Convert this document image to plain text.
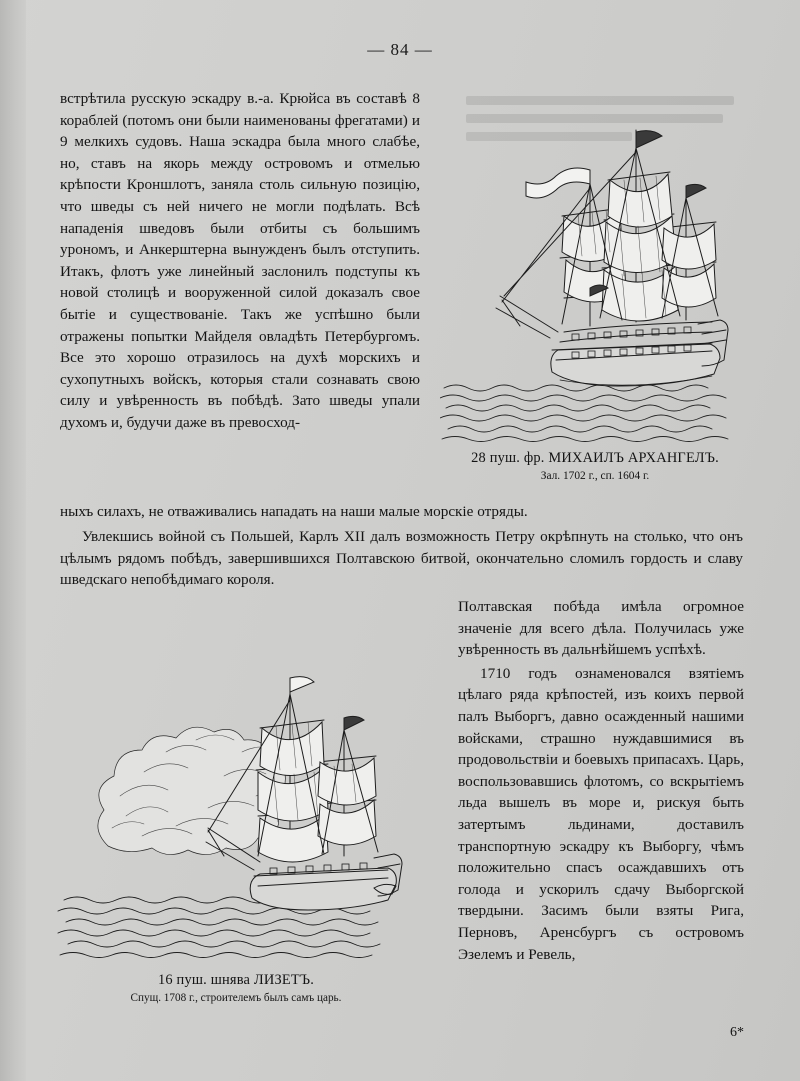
— 84 —
28 пуш. фр. МИХАИЛЪ АРХАНГЕЛЪ.
Зал. 1702 г., сп. 1604 г.

встрѣтила русскую эскадру в.-а. Крюйса въ составѣ 8 кораблей (потомъ они были наименованы фрегатами) и 9 мелкихъ судовъ. Наша эскадра была много слабѣе, но, ставъ на якорь между островомъ и отмелью крѣпости Кроншлотъ, заняла столь сильную позицію, что шведы съ ней ничего не могли подѣлать. Всѣ нападенія шведовъ были отбиты съ большимъ урономъ, и Анкерштерна вынужденъ былъ отступить. Итакъ, флотъ уже линейный заслонилъ подступы къ новой столицѣ и вооруженной силой доказалъ свое бытіе и существованіе. Такъ же успѣшно были отражены попытки Майделя овладѣть Петербургомъ. Все это хорошо отразилось на духѣ морскихъ и сухопутныхъ войскъ, которыя стали сознавать свою силу и увѣренность въ побѣдѣ. Зато шведы упали духомъ и, будучи даже въ превосход-

ныхъ силахъ, не отваживались нападать на наши малые морскіе отряды.

Увлекшись войной съ Польшей, Карлъ XII далъ возможность Петру окрѣпнуть на столько, что онъ цѣлымъ рядомъ побѣдъ, завершившихся Полтавскою битвой, окончательно сломилъ гордость и славу шведскаго непобѣдимаго короля.

Полтавская побѣда имѣла огромное значеніе для всего дѣла. Получилась уже увѣренность въ дальнѣйшемъ успѣхѣ.

1710 годъ ознаменовался взятіемъ цѣлаго ряда крѣпостей, изъ коихъ первой палъ Выборгъ, давно осажденный нашими войсками, страшно нуждавшимися въ продовольствіи и боевыхъ припасахъ. Царь, воспользовавшись флотомъ, со вскрытіемъ льда вышелъ въ море и, рискуя быть затертымъ льдинами, доставилъ транспортную эскадру къ Выборгу, чѣмъ положительно спасъ осаждавшихъ отъ голода и ускорилъ сдачу Выборгской твердыни. Засимъ были взяты Рига, Перновъ, Аренсбургъ съ островомъ Эзелемъ и Ревель,

16 пуш. шнява ЛИЗЕТЪ.
Спущ. 1708 г., строителемъ былъ самъ царь.
6*
